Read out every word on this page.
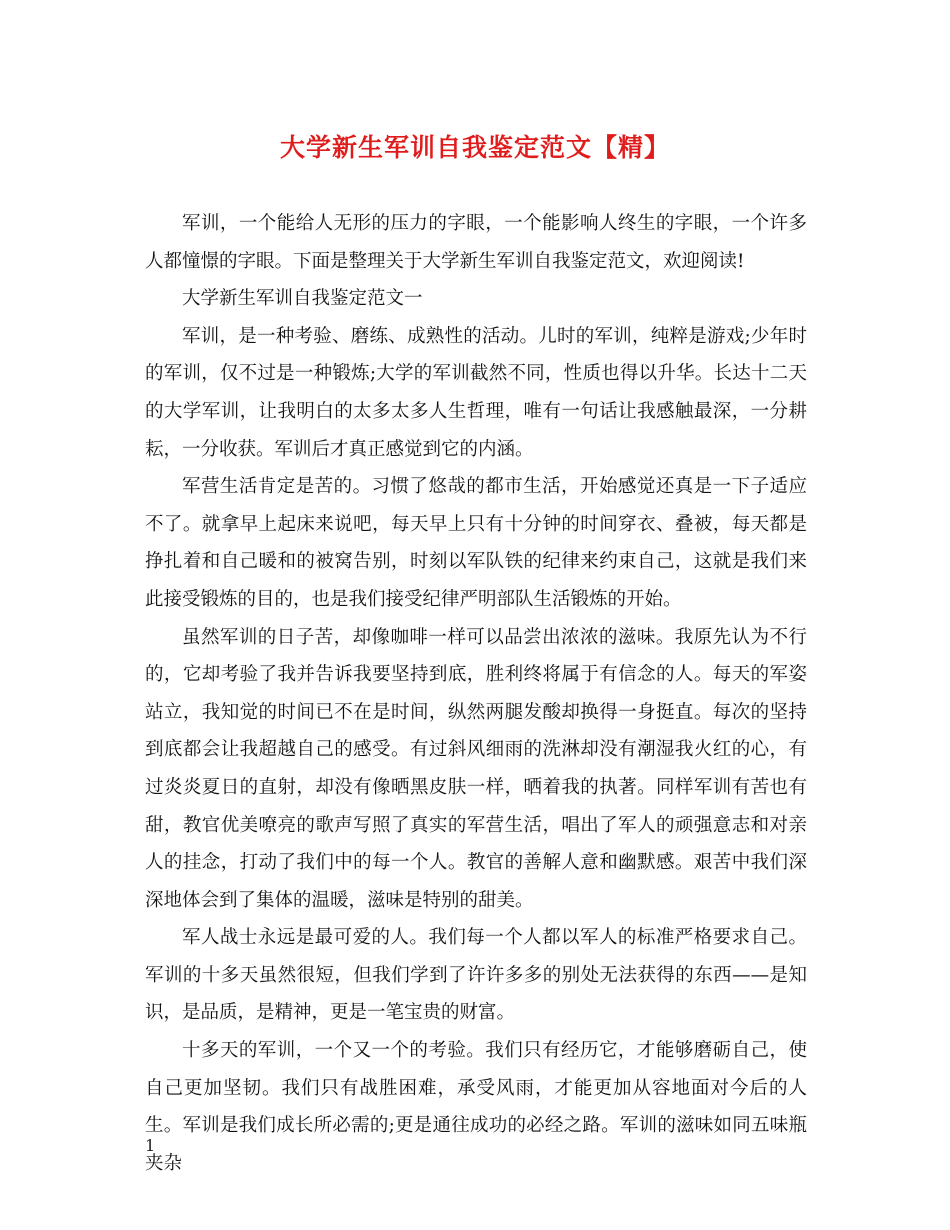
大学新生军训自我鉴定范文【精】

军训，一个能给人无形的压力的字眼，一个能影响人终生的字眼，一个许多人都憧憬的字眼。下面是整理关于大学新生军训自我鉴定范文，欢迎阅读!

大学新生军训自我鉴定范文一

军训，是一种考验、磨练、成熟性的活动。儿时的军训，纯粹是游戏;少年时的军训，仅不过是一种锻炼;大学的军训截然不同，性质也得以升华。长达十二天的大学军训，让我明白的太多太多人生哲理，唯有一句话让我感触最深，一分耕耘，一分收获。军训后才真正感觉到它的内涵。

军营生活肯定是苦的。习惯了悠哉的都市生活，开始感觉还真是一下子适应不了。就拿早上起床来说吧，每天早上只有十分钟的时间穿衣、叠被，每天都是挣扎着和自己暖和的被窝告别，时刻以军队铁的纪律来约束自己，这就是我们来此接受锻炼的目的，也是我们接受纪律严明部队生活锻炼的开始。

虽然军训的日子苦，却像咖啡一样可以品尝出浓浓的滋味。我原先认为不行的，它却考验了我并告诉我要坚持到底，胜利终将属于有信念的人。每天的军姿站立，我知觉的时间已不在是时间，纵然两腿发酸却换得一身挺直。每次的坚持到底都会让我超越自己的感受。有过斜风细雨的洗淋却没有潮湿我火红的心，有过炎炎夏日的直射，却没有像晒黑皮肤一样，晒着我的执著。同样军训有苦也有甜，教官优美嘹亮的歌声写照了真实的军营生活，唱出了军人的顽强意志和对亲人的挂念，打动了我们中的每一个人。教官的善解人意和幽默感。艰苦中我们深深地体会到了集体的温暖，滋味是特别的甜美。

军人战士永远是最可爱的人。我们每一个人都以军人的标准严格要求自己。军训的十多天虽然很短，但我们学到了许许多多的别处无法获得的东西——是知识，是品质，是精神，更是一笔宝贵的财富。

十多天的军训，一个又一个的考验。我们只有经历它，才能够磨砺自己，使自己更加坚韧。我们只有战胜困难，承受风雨，才能更加从容地面对今后的人生。军训是我们成长所必需的;更是通往成功的必经之路。军训的滋味如同五味瓶夹杂

1
